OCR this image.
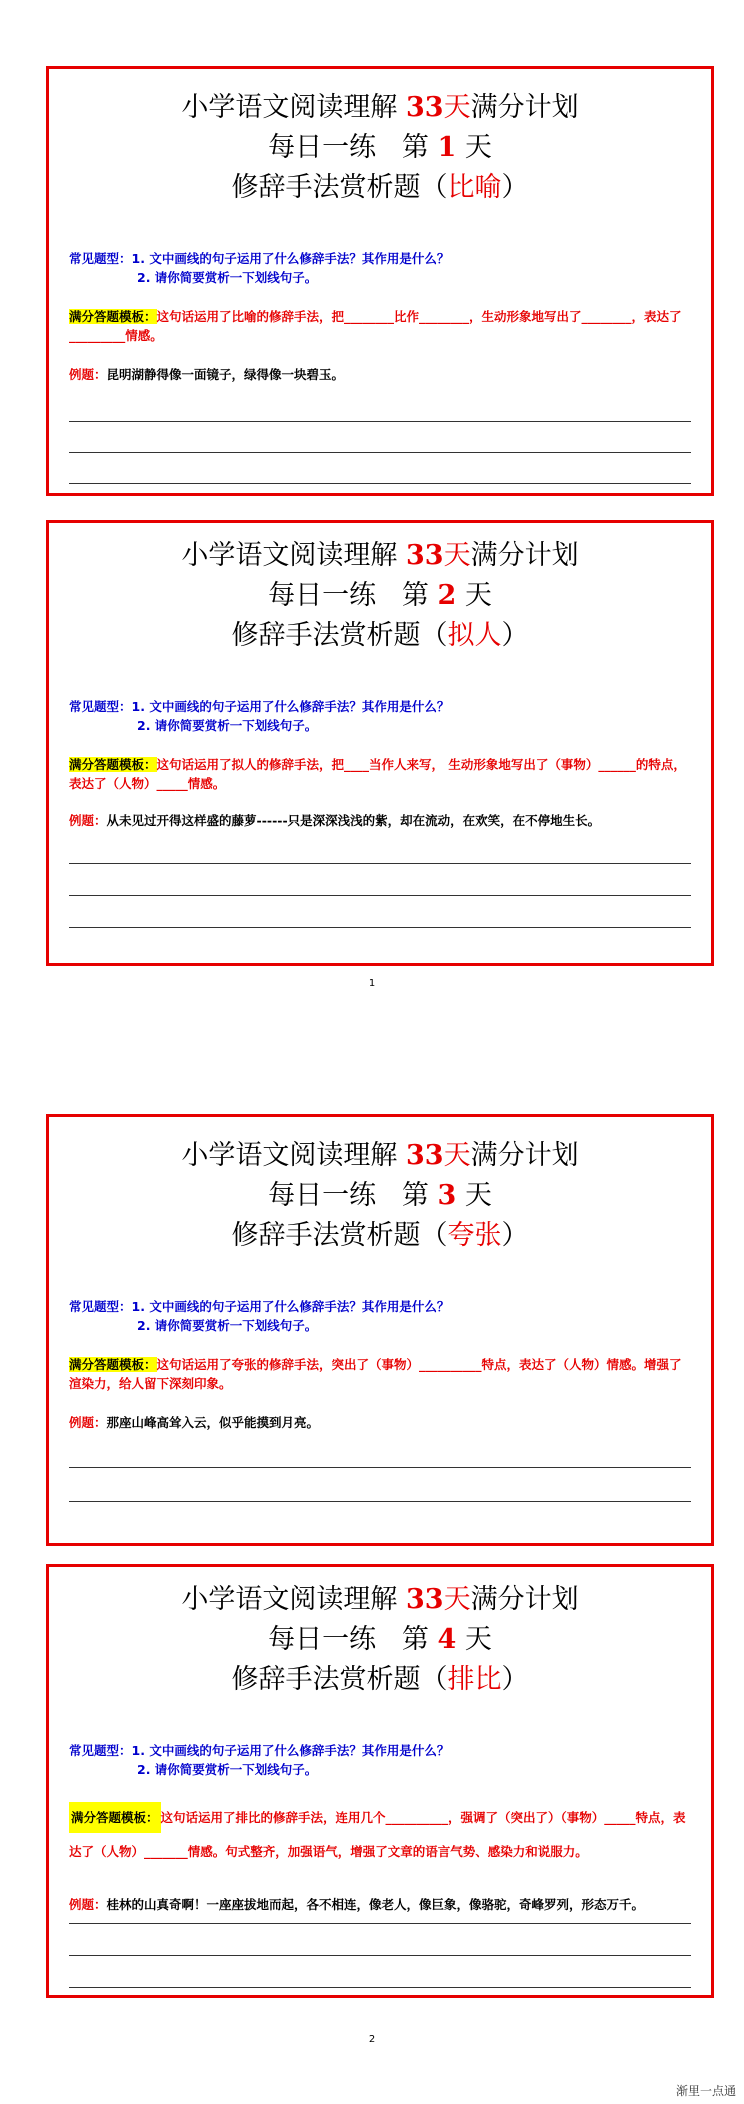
小学语文阅读理解 33天满分计划
每日一练 第 1 天
修辞手法赏析题（比喻）
常见题型：1. 文中画线的句子运用了什么修辞手法？其作用是什么？
2. 请你简要赏析一下划线句子。
满分答题模板：这句话运用了比喻的修辞手法，把________比作________，生动形象地写出了________，表达了_________情感。
例题：昆明湖静得像一面镜子，绿得像一块碧玉。
小学语文阅读理解 33天满分计划
每日一练 第 2 天
修辞手法赏析题（拟人）
常见题型：1. 文中画线的句子运用了什么修辞手法？其作用是什么？
2. 请你简要赏析一下划线句子。
满分答题模板：这句话运用了拟人的修辞手法，把____当作人来写， 生动形象地写出了（事物）______的特点，表达了（人物）_____情感。
例题：从未见过开得这样盛的藤萝------只是深深浅浅的紫，却在流动，在欢笑，在不停地生长。
1
小学语文阅读理解 33天满分计划
每日一练 第 3 天
修辞手法赏析题（夸张）
常见题型：1. 文中画线的句子运用了什么修辞手法？其作用是什么？
2. 请你简要赏析一下划线句子。
满分答题模板：这句话运用了夸张的修辞手法，突出了（事物）__________特点，表达了（人物）情感。增强了渲染力，给人留下深刻印象。
例题：那座山峰高耸入云，似乎能摸到月亮。
小学语文阅读理解 33天满分计划
每日一练 第 4 天
修辞手法赏析题（排比）
常见题型：1. 文中画线的句子运用了什么修辞手法？其作用是什么？
2. 请你简要赏析一下划线句子。
满分答题模板： 这句话运用了排比的修辞手法，连用几个__________，强调了（突出了）（事物）_____特点，表达了（人物）_______情感。句式整齐，加强语气，增强了文章的语言气势、感染力和说服力。
例题：桂林的山真奇啊！一座座拔地而起，各不相连，像老人，像巨象，像骆驼，奇峰罗列，形态万千。
2
渐里一点通
